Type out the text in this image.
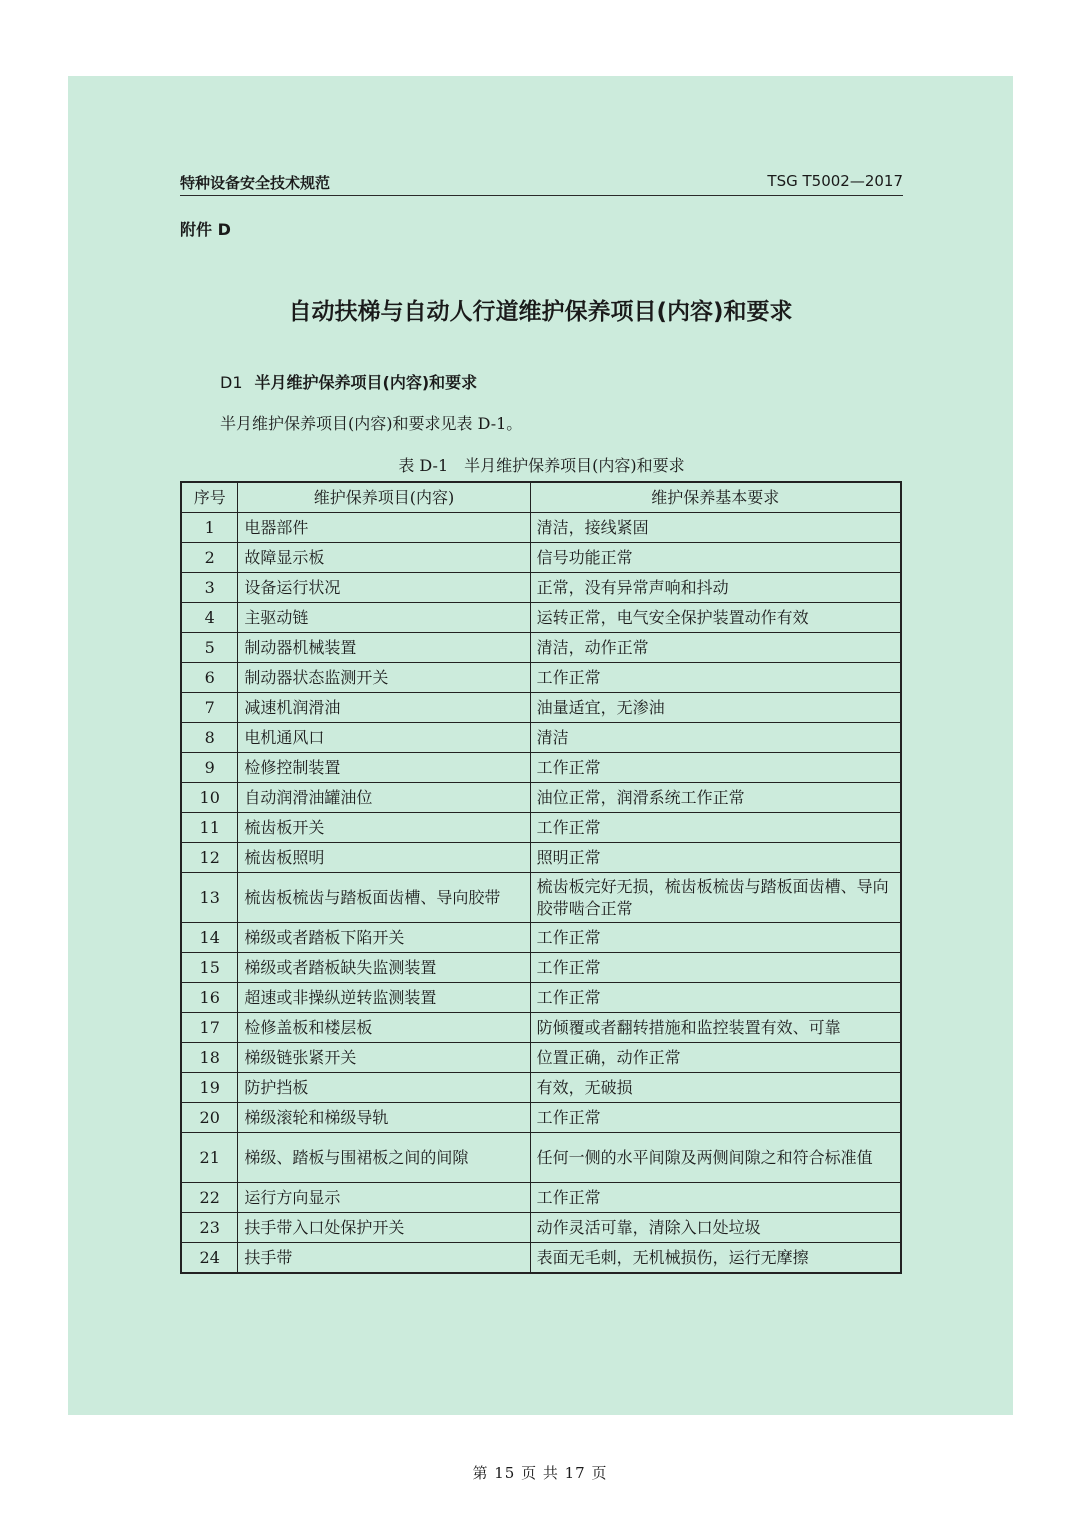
特种设备安全技术规范	TSG T5002—2017
附件 D
自动扶梯与自动人行道维护保养项目(内容)和要求
D1 半月维护保养项目(内容)和要求
半月维护保养项目(内容)和要求见表 D-1。
表 D-1　半月维护保养项目(内容)和要求
序号	维护保养项目(内容)	维护保养基本要求
1	电器部件	清洁，接线紧固
2	故障显示板	信号功能正常
3	设备运行状况	正常，没有异常声响和抖动
4	主驱动链	运转正常，电气安全保护装置动作有效
5	制动器机械装置	清洁，动作正常
6	制动器状态监测开关	工作正常
7	减速机润滑油	油量适宜，无渗油
8	电机通风口	清洁
9	检修控制装置	工作正常
10	自动润滑油罐油位	油位正常，润滑系统工作正常
11	梳齿板开关	工作正常
12	梳齿板照明	照明正常
13	梳齿板梳齿与踏板面齿槽、导向胶带	梳齿板完好无损，梳齿板梳齿与踏板面齿槽、导向胶带啮合正常
14	梯级或者踏板下陷开关	工作正常
15	梯级或者踏板缺失监测装置	工作正常
16	超速或非操纵逆转监测装置	工作正常
17	检修盖板和楼层板	防倾覆或者翻转措施和监控装置有效、可靠
18	梯级链张紧开关	位置正确，动作正常
19	防护挡板	有效，无破损
20	梯级滚轮和梯级导轨	工作正常
21	梯级、踏板与围裙板之间的间隙	任何一侧的水平间隙及两侧间隙之和符合标准值
22	运行方向显示	工作正常
23	扶手带入口处保护开关	动作灵活可靠，清除入口处垃圾
24	扶手带	表面无毛刺，无机械损伤，运行无摩擦
第 15 页 共 17 页
